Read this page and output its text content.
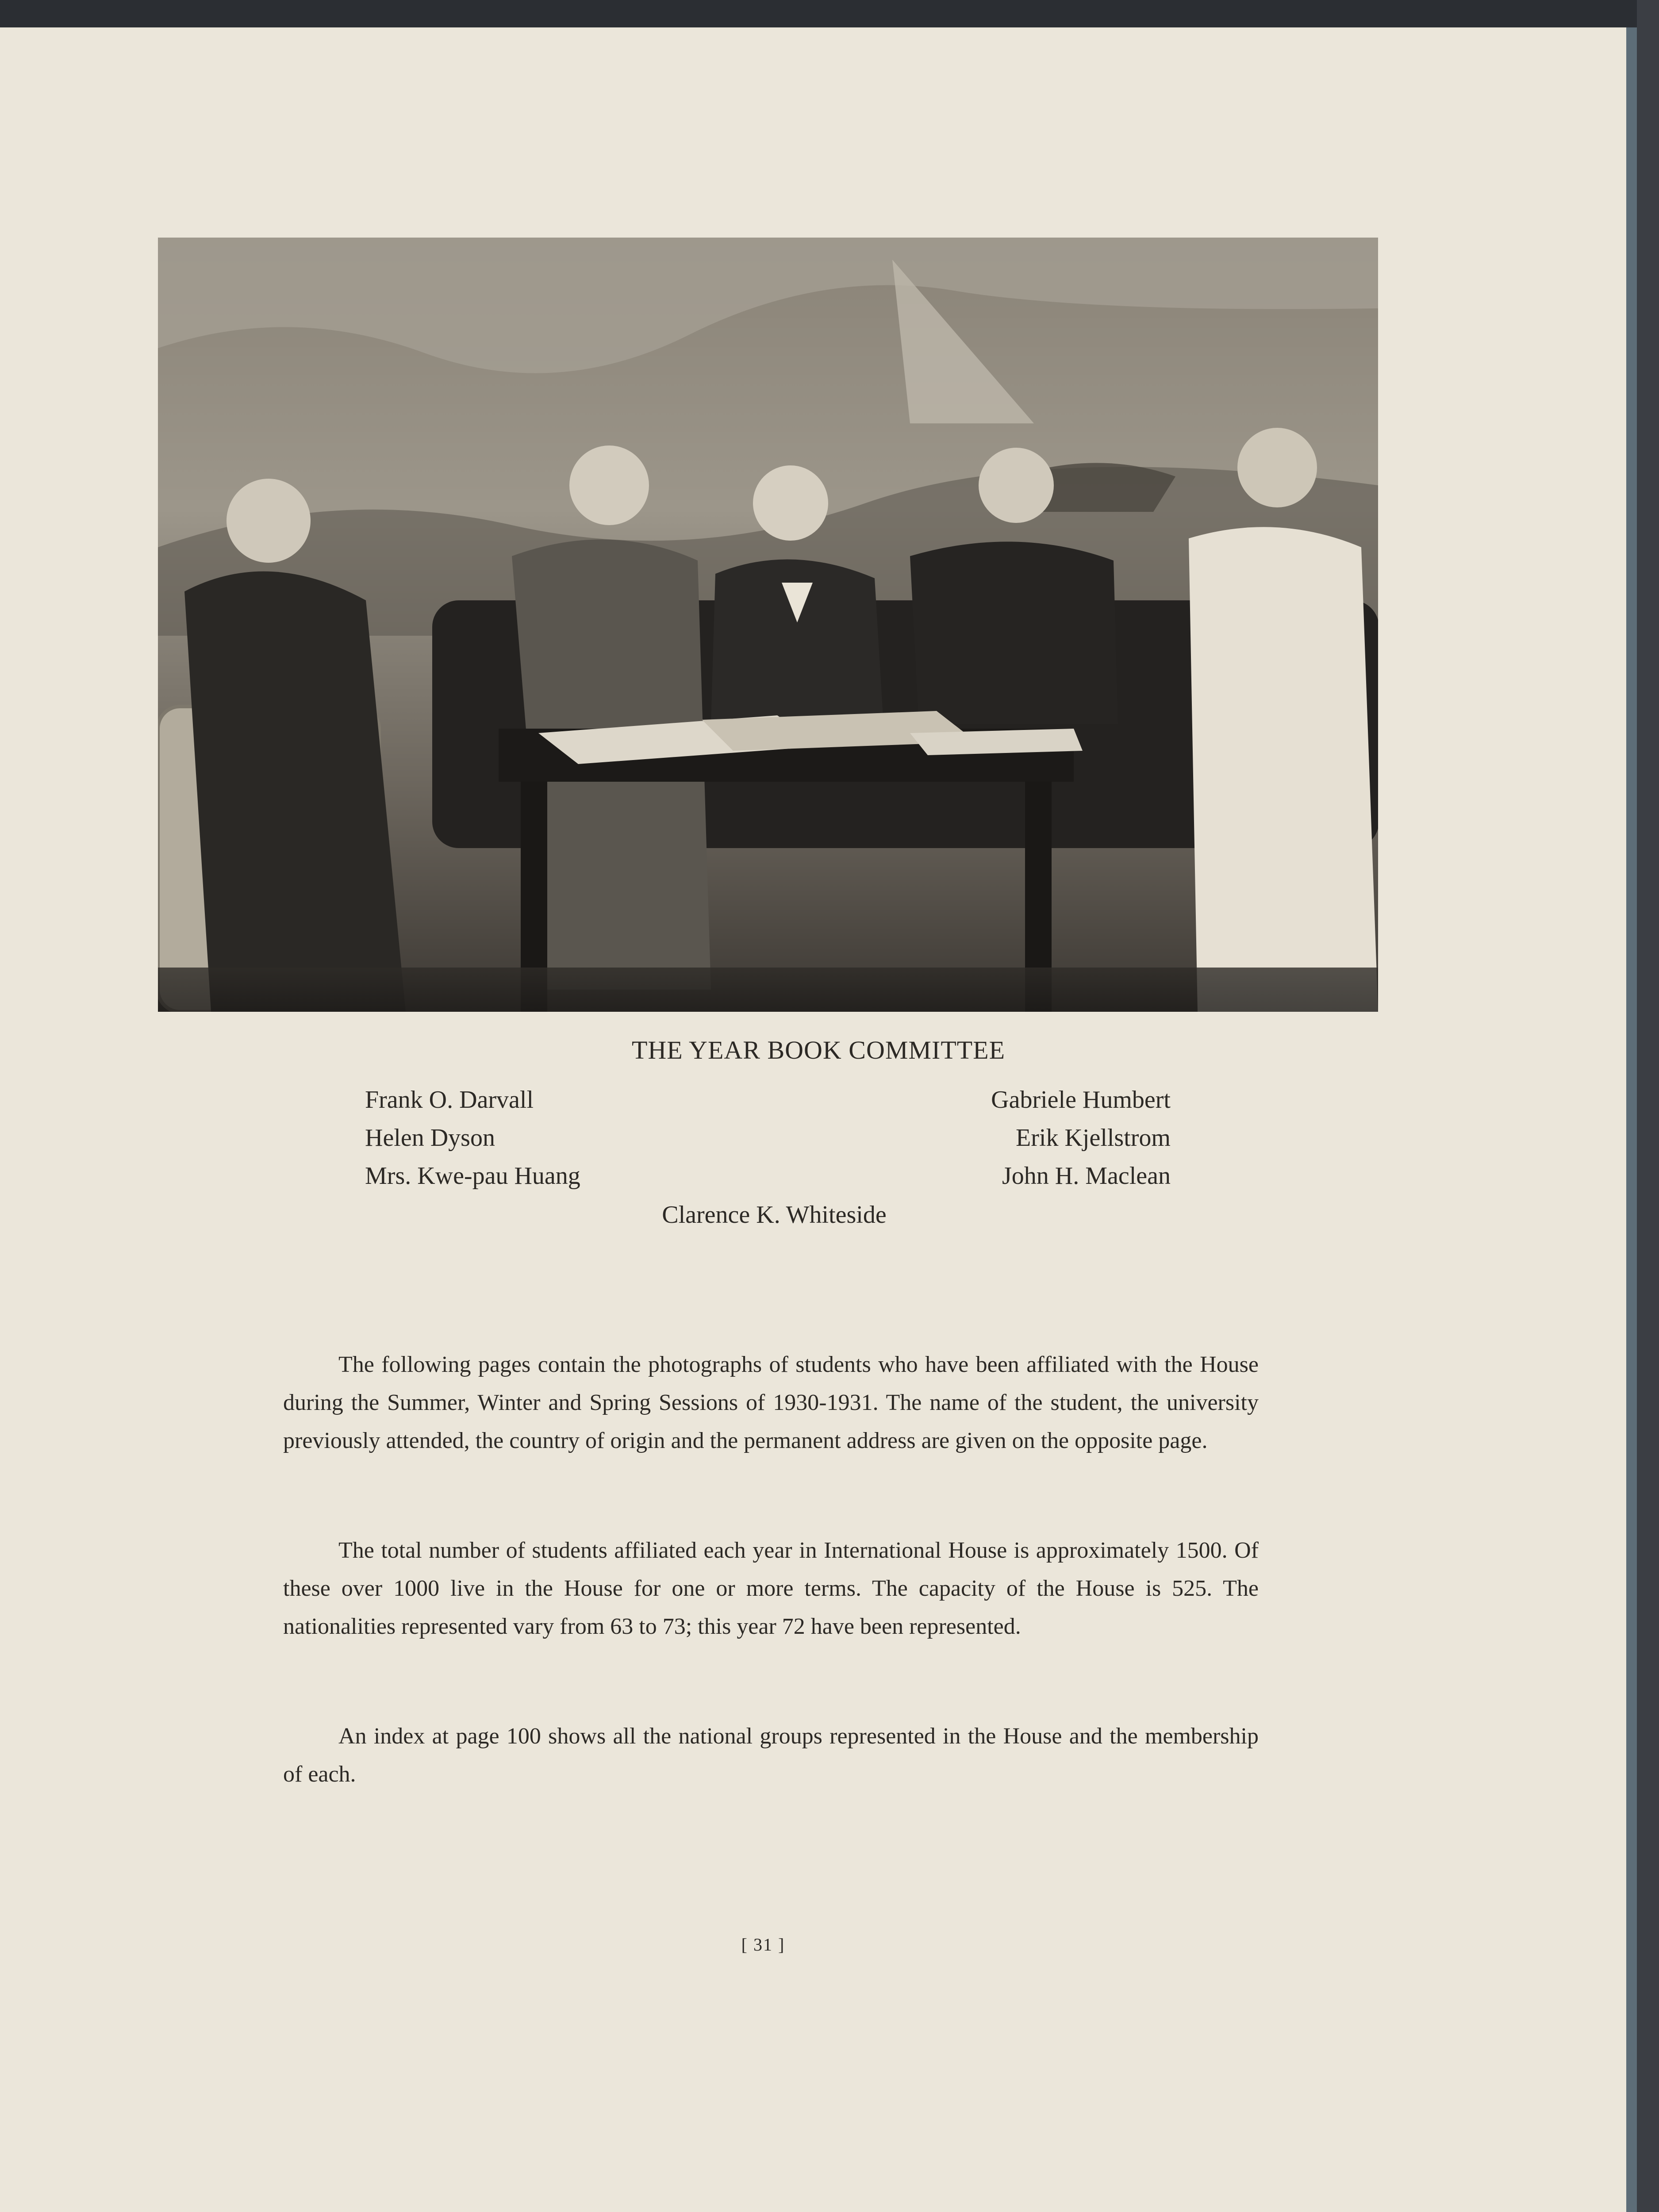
THE YEAR BOOK COMMITTEE
Frank O. Darvall
Helen Dyson
Mrs. Kwe-pau Huang
Gabriele Humbert
Erik Kjellstrom
John H. Maclean
Clarence K. Whiteside
The following pages contain the photographs of students who have been affiliated with the House during the Summer, Winter and Spring Sessions of 1930-1931. The name of the student, the university previously attended, the country of origin and the permanent address are given on the opposite page.
The total number of students affiliated each year in International House is approximately 1500. Of these over 1000 live in the House for one or more terms. The capacity of the House is 525. The nationalities represented vary from 63 to 73; this year 72 have been represented.
An index at page 100 shows all the national groups represented in the House and the membership of each.
[ 31 ]
